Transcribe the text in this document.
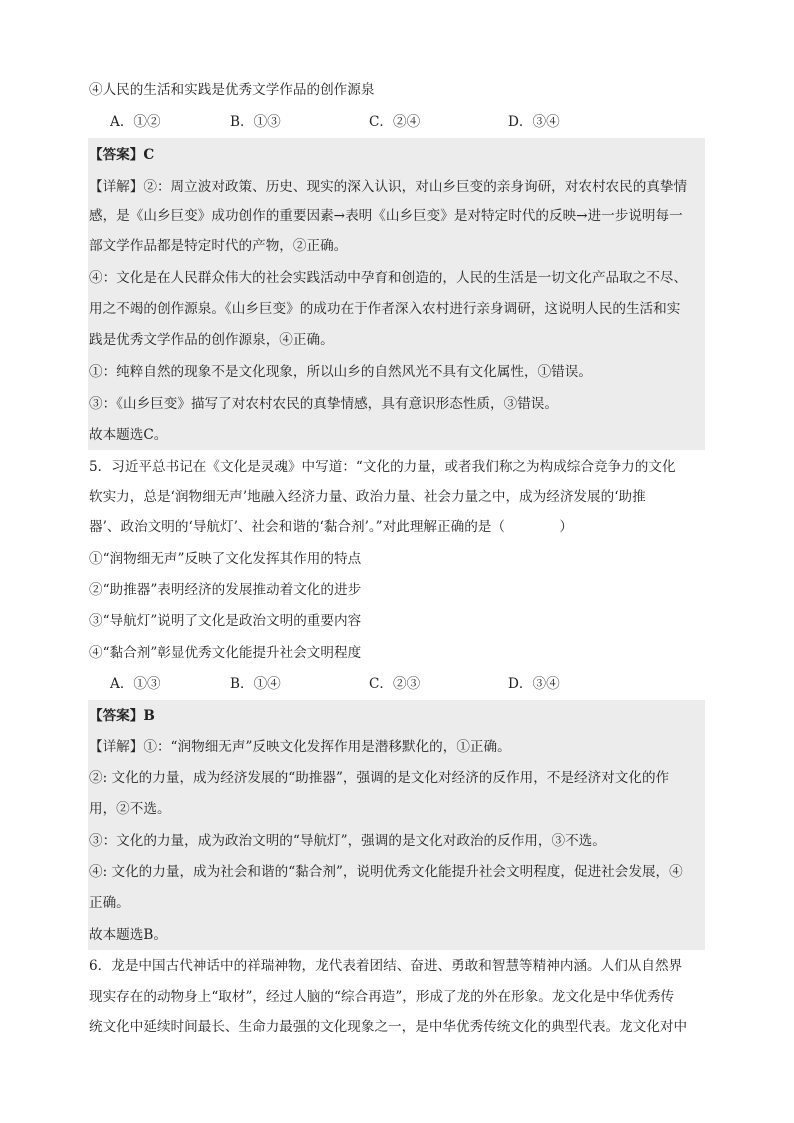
④人民的生活和实践是优秀文学作品的创作源泉
A．①②	B．①③	C．②④	D．③④
【答案】C
【详解】②：周立波对政策、历史、现实的深入认识，对山乡巨变的亲身询研，对农村农民的真挚情
感，是《山乡巨变》成功创作的重要因素→表明《山乡巨变》是对特定时代的反映→进一步说明每一
部文学作品都是特定时代的产物，②正确。
④：文化是在人民群众伟大的社会实践活动中孕育和创造的，人民的生活是一切文化产品取之不尽、
用之不竭的创作源泉。《山乡巨变》的成功在于作者深入农村进行亲身调研，这说明人民的生活和实
践是优秀文学作品的创作源泉，④正确。
①：纯粹自然的现象不是文化现象，所以山乡的自然风光不具有文化属性，①错误。
③：《山乡巨变》描写了对农村农民的真挚情感，具有意识形态性质，③错误。
故本题选C。
5．习近平总书记在《文化是灵魂》中写道：“文化的力量，或者我们称之为构成综合竞争力的文化
软实力，总是‘润物细无声’地融入经济力量、政治力量、社会力量之中，成为经济发展的‘助推
器’、政治文明的‘导航灯’、社会和谐的‘黏合剂’。”对此理解正确的是（　　　　）
①“润物细无声”反映了文化发挥其作用的特点
②“助推器”表明经济的发展推动着文化的进步
③“导航灯”说明了文化是政治文明的重要内容
④“黏合剂”彰显优秀文化能提升社会文明程度
A．①③	B．①④	C．②③	D．③④
【答案】B
【详解】①：“润物细无声”反映文化发挥作用是潜移默化的，①正确。
②: 文化的力量，成为经济发展的“助推器”，强调的是文化对经济的反作用，不是经济对文化的作
用，②不选。
③：文化的力量，成为政治文明的“导航灯”，强调的是文化对政治的反作用，③不选。
④: 文化的力量，成为社会和谐的“黏合剂”，说明优秀文化能提升社会文明程度，促进社会发展，④
正确。
故本题选B。
6．龙是中国古代神话中的祥瑞神物，龙代表着团结、奋进、勇敢和智慧等精神内涵。人们从自然界
现实存在的动物身上“取材”，经过人脑的“综合再造”，形成了龙的外在形象。龙文化是中华优秀传
统文化中延续时间最长、生命力最强的文化现象之一，是中华优秀传统文化的典型代表。龙文化对中
